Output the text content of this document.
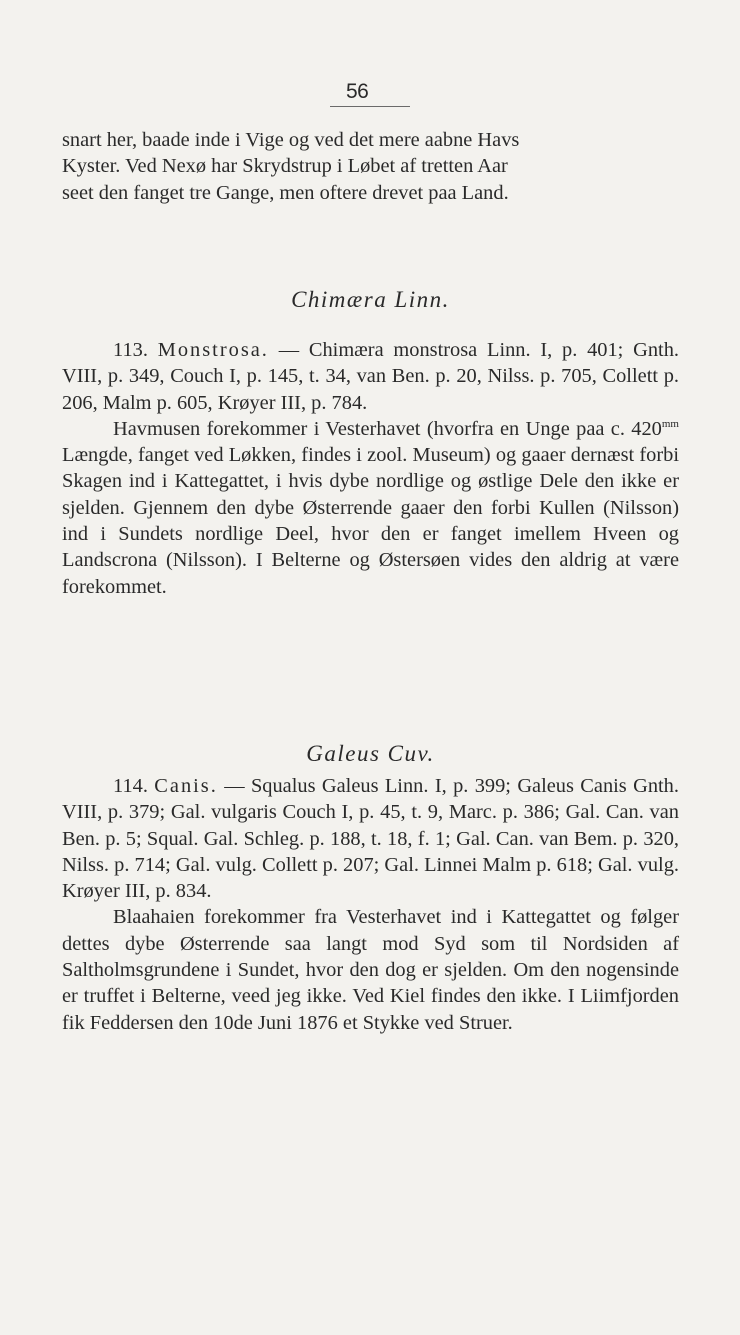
56
snart her, baade inde i Vige og ved det mere aabne Havs
Kyster. Ved Nexø har Skrydstrup i Løbet af tretten Aar
seet den fanget tre Gange, men oftere drevet paa Land.
Chimæra Linn.

113. Monstrosa. — Chimæra monstrosa Linn. I, p. 401; Gnth. VIII, p. 349, Couch I, p. 145, t. 34, van Ben. p. 20, Nilss. p. 705, Collett p. 206, Malm p. 605, Krøyer III, p. 784.

Havmusen forekommer i Vesterhavet (hvorfra en Unge paa c. $420^{mm}$ Længde, fanget ved Løkken, findes i zool. Museum) og gaaer dernæst forbi Skagen ind i Kattegattet, i hvis dybe nordlige og østlige Dele den ikke er sjelden. Gjennem den dybe Østerrende gaaer den forbi Kullen (Nilsson) ind i Sundets nordlige Deel, hvor den er fanget imellem Hveen og Landscrona (Nilsson). I Belterne og Østersøen vides den aldrig at være forekommet.

Galeus Cuv.

114. Canis. — Squalus Galeus Linn. I, p. 399; Galeus Canis Gnth. VIII, p. 379; Gal. vulgaris Couch I, p. 45, t. 9, Marc. p. 386; Gal. Can. van Ben. p. 5; Squal. Gal. Schleg. p. 188, t. 18, f. 1; Gal. Can. van Bem. p. 320, Nilss. p. 714; Gal. vulg. Collett p. 207; Gal. Linnei Malm p. 618; Gal. vulg. Krøyer III, p. 834.

Blaahaien forekommer fra Vesterhavet ind i Kattegattet og følger dettes dybe Østerrende saa langt mod Syd som til Nordsiden af Saltholmsgrundene i Sundet, hvor den dog er sjelden. Om den nogensinde er truffet i Belterne, veed jeg ikke. Ved Kiel findes den ikke. I Liimfjorden fik Feddersen den 10de Juni 1876 et Stykke ved Struer.
